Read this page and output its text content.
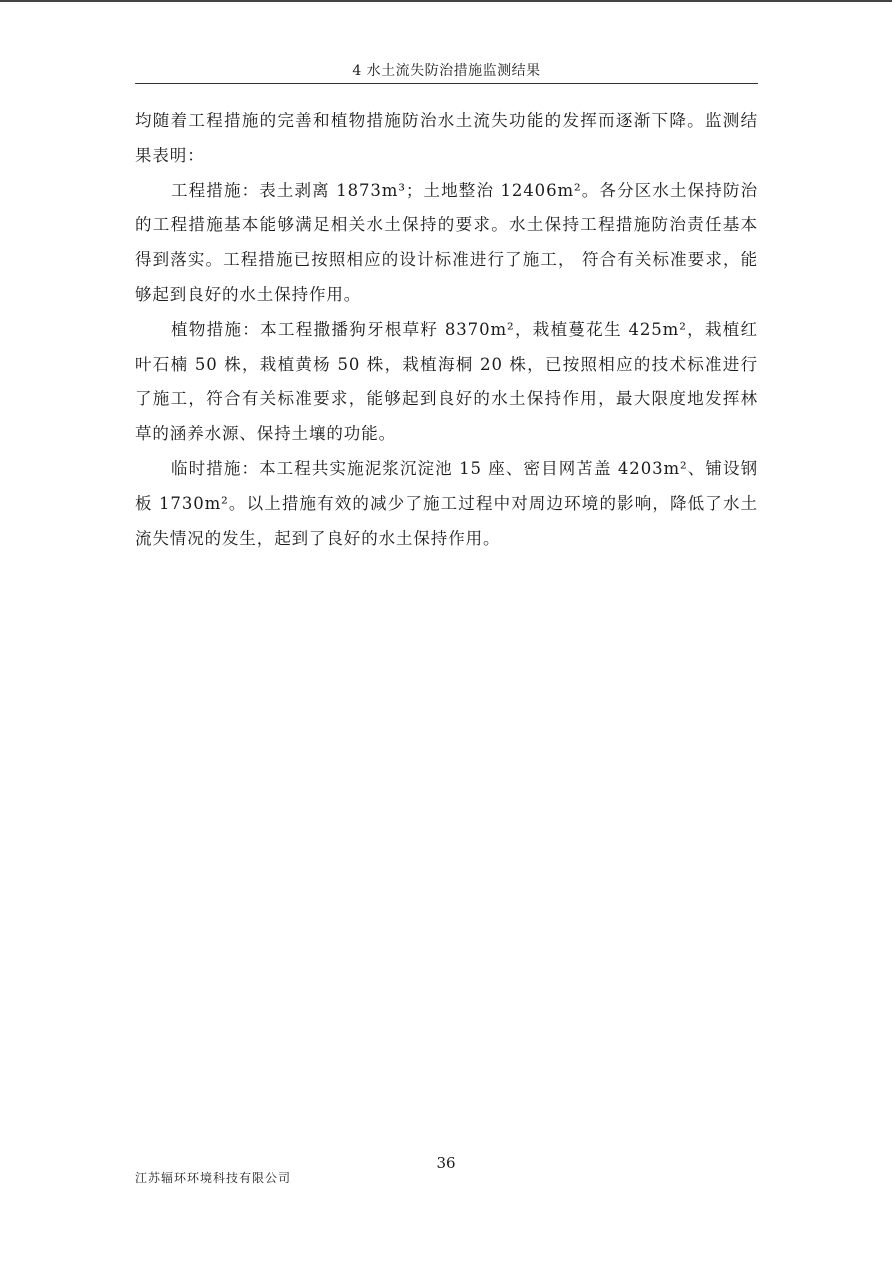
4 水土流失防治措施监测结果

均随着工程措施的完善和植物措施防治水土流失功能的发挥而逐渐下降。监测结果表明：

工程措施：表土剥离 1873m³；土地整治 12406m²。各分区水土保持防治的工程措施基本能够满足相关水土保持的要求。水土保持工程措施防治责任基本得到落实。工程措施已按照相应的设计标准进行了施工， 符合有关标准要求，能够起到良好的水土保持作用。

植物措施：本工程撒播狗牙根草籽 8370m²，栽植蔓花生 425m²，栽植红叶石楠 50 株，栽植黄杨 50 株，栽植海桐 20 株，已按照相应的技术标准进行了施工，符合有关标准要求，能够起到良好的水土保持作用，最大限度地发挥林草的涵养水源、保持土壤的功能。

临时措施：本工程共实施泥浆沉淀池 15 座、密目网苫盖 4203m²、铺设钢板 1730m²。以上措施有效的减少了施工过程中对周边环境的影响，降低了水土流失情况的发生，起到了良好的水土保持作用。

36
江苏辐环环境科技有限公司
